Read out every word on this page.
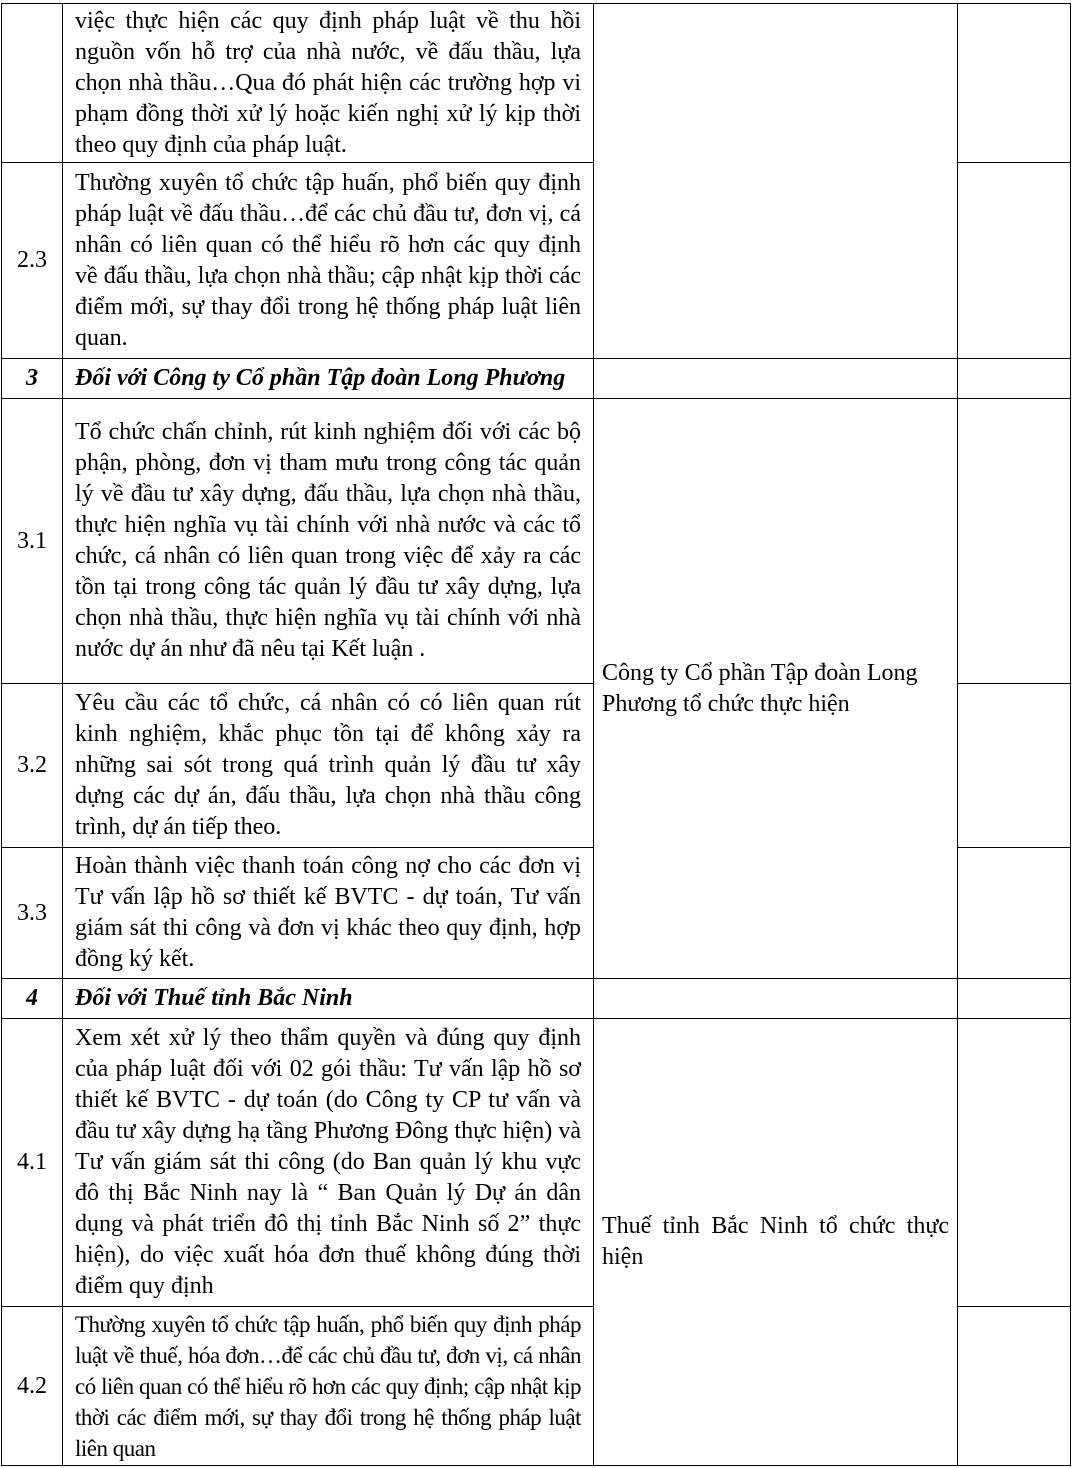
	việc thực hiện các quy định pháp luật về thu hồi nguồn vốn hỗ trợ của nhà nước, về đấu thầu, lựa chọn nhà thầu…Qua đó phát hiện các trường hợp vi phạm đồng thời xử lý hoặc kiến nghị xử lý kịp thời theo quy định của pháp luật.		
2.3	Thường xuyên tổ chức tập huấn, phổ biến quy định pháp luật về đấu thầu…để các chủ đầu tư, đơn vị, cá nhân có liên quan có thể hiểu rõ hơn các quy định về đấu thầu, lựa chọn nhà thầu; cập nhật kịp thời các điểm mới, sự thay đổi trong hệ thống pháp luật liên quan.		
3	Đối với Công ty Cổ phần Tập đoàn Long Phương		
3.1	Tổ chức chấn chỉnh, rút kinh nghiệm đối với các bộ phận, phòng, đơn vị tham mưu trong công tác quản lý về đầu tư xây dựng, đấu thầu, lựa chọn nhà thầu, thực hiện nghĩa vụ tài chính với nhà nước và các tổ chức, cá nhân có liên quan trong việc để xảy ra các tồn tại trong công tác quản lý đầu tư xây dựng, lựa chọn nhà thầu, thực hiện nghĩa vụ tài chính với nhà nước dự án như đã nêu tại Kết luận .	Công ty Cổ phần Tập đoàn Long Phương tổ chức thực hiện	
3.2	Yêu cầu các tổ chức, cá nhân có có liên quan rút kinh nghiệm, khắc phục tồn tại để không xảy ra những sai sót trong quá trình quản lý đầu tư xây dựng các dự án, đấu thầu, lựa chọn nhà thầu công trình, dự án tiếp theo.		
3.3	Hoàn thành việc thanh toán công nợ cho các đơn vị Tư vấn lập hồ sơ thiết kế BVTC - dự toán, Tư vấn giám sát thi công và đơn vị khác theo quy định, hợp đồng ký kết.		
4	Đối với Thuế tỉnh Bắc Ninh		
4.1	Xem xét xử lý theo thẩm quyền và đúng quy định của pháp luật đối với 02 gói thầu: Tư vấn lập hồ sơ thiết kế BVTC - dự toán (do Công ty CP tư vấn và đầu tư xây dựng hạ tầng Phương Đông thực hiện) và Tư vấn giám sát thi công (do Ban quản lý khu vực đô thị Bắc Ninh nay là “ Ban Quản lý Dự án dân dụng và phát triển đô thị tỉnh Bắc Ninh số 2” thực hiện), do việc xuất hóa đơn thuế không đúng thời điểm quy định	Thuế tỉnh Bắc Ninh tổ chức thực hiện	
4.2	Thường xuyên tổ chức tập huấn, phổ biến quy định pháp luật về thuế, hóa đơn…để các chủ đầu tư, đơn vị, cá nhân có liên quan có thể hiểu rõ hơn các quy định; cập nhật kịp thời các điểm mới, sự thay đổi trong hệ thống pháp luật liên quan		
